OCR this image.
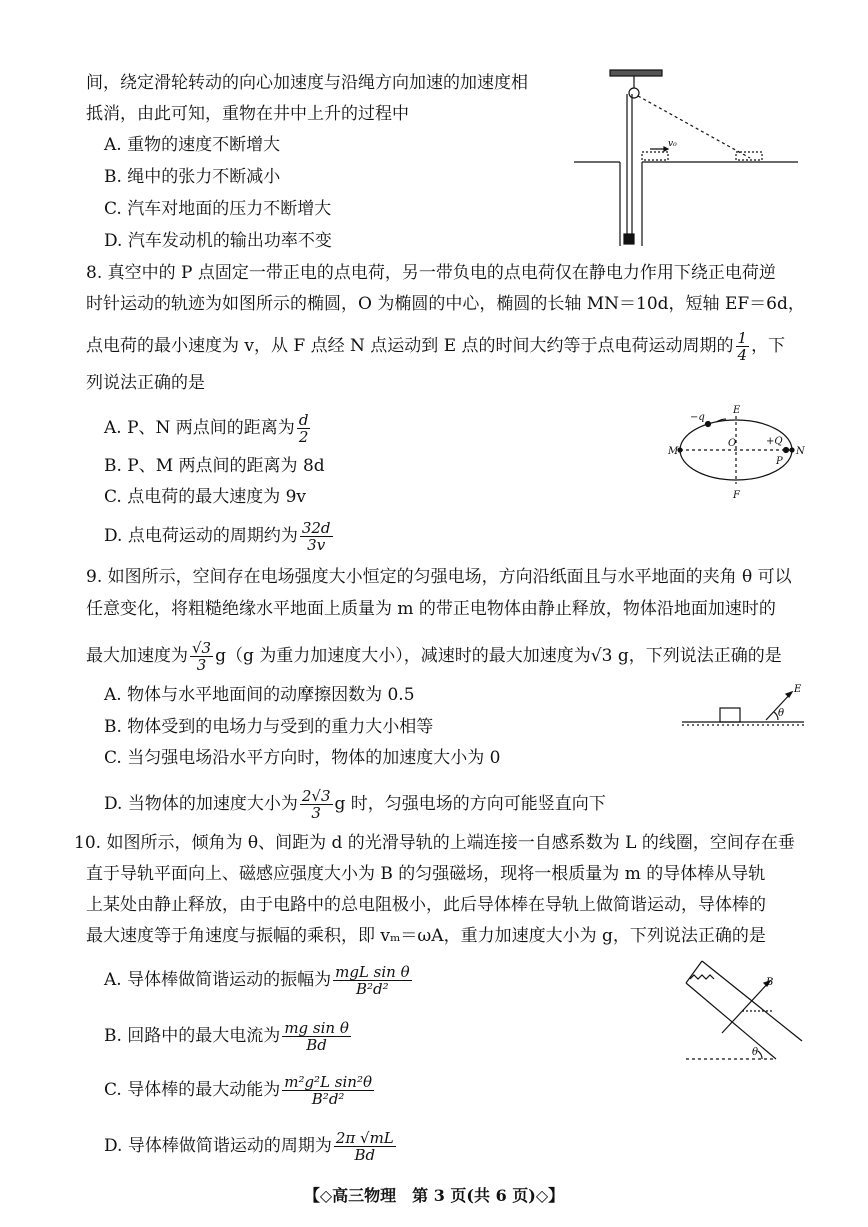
间，绕定滑轮转动的向心加速度与沿绳方向加速的加速度相
抵消，由此可知，重物在井中上升的过程中
A. 重物的速度不断增大
B. 绳中的张力不断减小
C. 汽车对地面的压力不断增大
D. 汽车发动机的输出功率不变
v₀
8. 真空中的 P 点固定一带正电的点电荷，另一带负电的点电荷仅在静电力作用下绕正电荷逆
时针运动的轨迹为如图所示的椭圆，O 为椭圆的中心，椭圆的长轴 MN＝10d，短轴 EF＝6d，
点电荷的最小速度为 v，从 F 点经 N 点运动到 E 点的时间大约等于点电荷运动周期的 $\frac{1}{4}$ ，下
列说法正确的是
A. P、N 两点间的距离为 $\frac{d}{2}$
B. P、M 两点间的距离为 8d
C. 点电荷的最大速度为 9v
D. 点电荷运动的周期约为 $\frac{32d}{3v}$
E
F
M	N
O
P
−q
+Q
9. 如图所示，空间存在电场强度大小恒定的匀强电场，方向沿纸面且与水平地面的夹角 θ 可以
任意变化，将粗糙绝缘水平地面上质量为 m 的带正电物体由静止释放，物体沿地面加速时的
最大加速度为 $\frac{√3}{3} g(g$ 为重力加速度大小），减速时的最大加速度为√3 g，下列说法正确的是
A. 物体与水平地面间的动摩擦因数为 0.5
B. 物体受到的电场力与受到的重力大小相等
C. 当匀强电场沿水平方向时，物体的加速度大小为 0
D. 当物体的加速度大小为 $\frac{2√3}{3}$ g 时，匀强电场的方向可能竖直向下
E
θ
10. 如图所示，倾角为 θ、间距为 d 的光滑导轨的上端连接一自感系数为 L 的线圈，空间存在垂
直于导轨平面向上、磁感应强度大小为 B 的匀强磁场，现将一根质量为 m 的导体棒从导轨
上某处由静止释放，由于电路中的总电阻极小，此后导体棒在导轨上做简谐运动，导体棒的
最大速度等于角速度与振幅的乘积，即 vₘ＝ωA，重力加速度大小为 g，下列说法正确的是
A. 导体棒做简谐运动的振幅为 $\frac{\text{mgL sin θ}}{\text{B²d²}}$
B. 回路中的最大电流为 $\frac{\text{mg sin θ}}{Bd}$
C. 导体棒的最大动能为 $\frac{\text{m²g²L sin²θ}}{\text{B²d²}}$
D. 导体棒做简谐运动的周期为 $\frac{2\pi √mL}{Bd}$
B
θ
【◇高三物理　第 3 页(共 6 页)◇】
